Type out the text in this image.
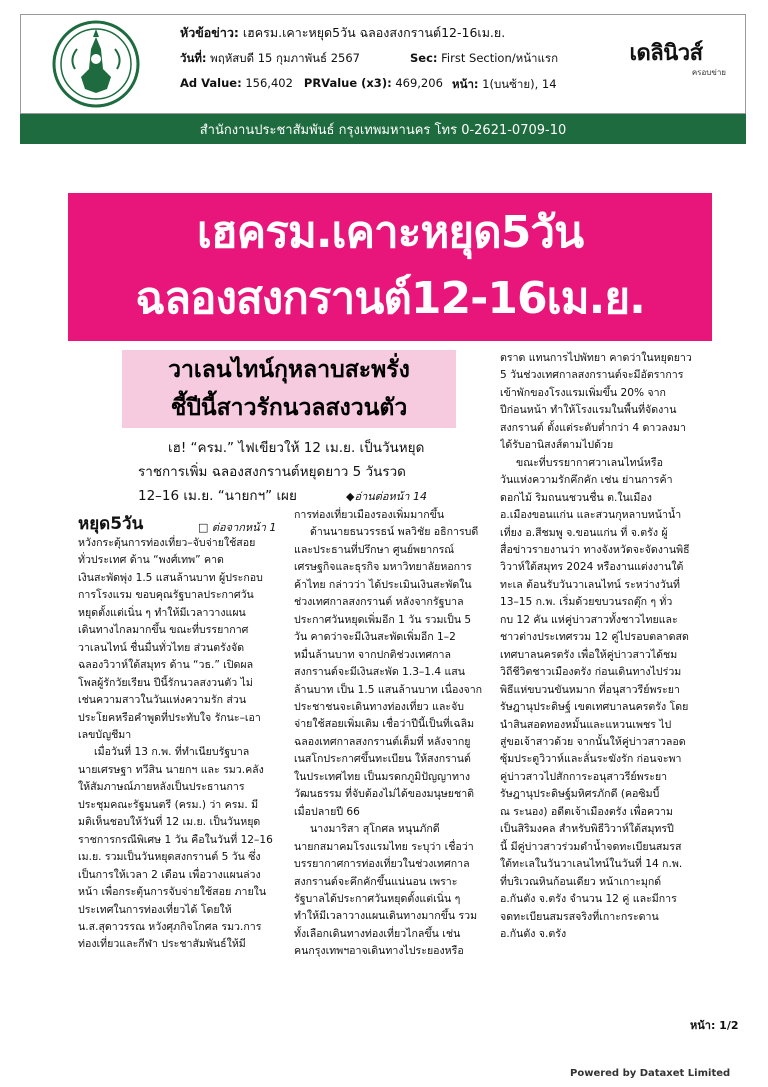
หัวข้อข่าว: เฮครม.เคาะหยุด5วัน ฉลองสงกรานต์12-16เม.ย.
วันที่: พฤหัสบดี 15 กุมภาพันธ์ 2567	Sec: First Section/หน้าแรก
Ad Value: 156,402 PRValue (x3): 469,206 หน้า: 1(บนซ้าย), 14
เดลินิวส์
ครอบข่าย
สำนักงานประชาสัมพันธ์ กรุงเทพมหานคร โทร 0-2621-0709-10
เฮครม.เคาะหยุด5วัน
ฉลองสงกรานต์12-16เม.ย.
วาเลนไทน์กุหลาบสะพรั่ง
ชี้ปีนี้สาวรักนวลสงวนตัว
เฮ! “ครม.” ไฟเขียวให้ 12 เม.ย. เป็นวันหยุด
ราชการเพิ่ม ฉลองสงกรานต์หยุดยาว 5 วันรวด
12–16 เม.ย. “นายกฯ” เผย	◆อ่านต่อหน้า 14
หยุด5วัน	□ ต่อจากหน้า 1
หวังกระตุ้นการท่องเที่ยว–จับจ่ายใช้สอย
ทั่วประเทศ ด้าน “พงศ์เทพ” คาด
เงินสะพัดพุ่ง 1.5 แสนล้านบาท ผู้ประกอบ
การโรงแรม ขอบคุณรัฐบาลประกาศวัน
หยุดตั้งแต่เนิ่น ๆ ทำให้มีเวลาวางแผน
เดินทางไกลมากขึ้น ขณะที่บรรยากาศ
วาเลนไทน์ ชื่นมื่นทั่วไทย ส่วนตรังจัด
ฉลองวิวาห์ใต้สมุทร ด้าน “วธ.” เปิดผล
โพลผู้รักวัยเรียน ปีนี้รักนวลสงวนตัว ไม่
เช่นความสาวในวันแห่งความรัก ส่วน
ประโยคหรือคำพูดที่ประทับใจ รักนะ–เอา
เลขบัญชีมา
เมื่อวันที่ 13 ก.พ. ที่ทำเนียบรัฐบาล
นายเศรษฐา ทวีสิน นายกฯ และ รมว.คลัง
ให้สัมภาษณ์ภายหลังเป็นประธานการ
ประชุมคณะรัฐมนตรี (ครม.) ว่า ครม. มี
มติเห็นชอบให้วันที่ 12 เม.ย. เป็นวันหยุด
ราชการกรณีพิเศษ 1 วัน คือในวันที่ 12–16
เม.ย. รวมเป็นวันหยุดสงกรานต์ 5 วัน ซึ่ง
เป็นการให้เวลา 2 เดือน เพื่อวางแผนล่วง
หน้า เพื่อกระตุ้นการจับจ่ายใช้สอย ภายใน
ประเทศในการท่องเที่ยวได้ โดยให้
น.ส.สุดาวรรณ หวังศุภกิจโกศล รมว.การ
ท่องเที่ยวและกีฬา ประชาสัมพันธ์ให้มี
การท่องเที่ยวเมืองรองเพิ่มมากขึ้น
ด้านนายธนวรรธน์ พลวิชัย อธิการบดี
และประธานที่ปรึกษา ศูนย์พยากรณ์
เศรษฐกิจและธุรกิจ มหาวิทยาลัยหอการ
ค้าไทย กล่าวว่า ได้ประเมินเงินสะพัดใน
ช่วงเทศกาลสงกรานต์ หลังจากรัฐบาล
ประกาศวันหยุดเพิ่มอีก 1 วัน รวมเป็น 5
วัน คาดว่าจะมีเงินสะพัดเพิ่มอีก 1–2
หมื่นล้านบาท จากปกติช่วงเทศกาล
สงกรานต์จะมีเงินสะพัด 1.3–1.4 แสน
ล้านบาท เป็น 1.5 แสนล้านบาท เนื่องจาก
ประชาชนจะเดินทางท่องเที่ยว และจับ
จ่ายใช้สอยเพิ่มเติม เชื่อว่าปีนี้เป็นที่เฉลิม
ฉลองเทศกาลสงกรานต์เต็มที่ หลังจากยู
เนสโกประกาศขึ้นทะเบียน ให้สงกรานต์
ในประเทศไทย เป็นมรดกภูมิปัญญาทาง
วัฒนธรรม ที่จับต้องไม่ได้ของมนุษยชาติ
เมื่อปลายปี 66
นางมาริสา สุโกศล หนุนภักดี
นายกสมาคมโรงแรมไทย ระบุว่า เชื่อว่า
บรรยากาศการท่องเที่ยวในช่วงเทศกาล
สงกรานต์จะคึกคักขึ้นแน่นอน เพราะ
รัฐบาลได้ประกาศวันหยุดตั้งแต่เนิ่น ๆ
ทำให้มีเวลาวางแผนเดินทางมากขึ้น รวม
ทั้งเลือกเดินทางท่องเที่ยวไกลขึ้น เช่น
คนกรุงเทพฯอาจเดินทางไประยองหรือ
ตราด แทนการไปพัทยา คาดว่าในหยุดยาว
5 วันช่วงเทศกาลสงกรานต์จะมีอัตราการ
เข้าพักของโรงแรมเพิ่มขึ้น 20% จาก
ปีก่อนหน้า ทำให้โรงแรมในพื้นที่จัดงาน
สงกรานต์ ตั้งแต่ระดับต่ำกว่า 4 ดาวลงมา
ได้รับอานิสงส์ตามไปด้วย
ขณะที่บรรยากาศวาเลนไทน์หรือ
วันแห่งความรักคึกคัก เช่น ย่านการค้า
ดอกไม้ ริมถนนชวนชื่น ต.ในเมือง
อ.เมืองขอนแก่น และสวนกุหลาบหน้าน้ำ
เที่ยง อ.สีชมพู จ.ขอนแก่น ที่ จ.ตรัง ผู้
สื่อข่าวรายงานว่า ทางจังหวัดจะจัดงานพิธี
วิวาห์ใต้สมุทร 2024 หรืองานแต่งงานใต้
ทะเล ต้อนรับวันวาเลนไทน์ ระหว่างวันที่
13–15 ก.พ. เริ่มด้วยขบวนรถตุ๊ก ๆ ทั่ว
กบ 12 คัน แห่คู่บ่าวสาวทั้งชาวไทยและ
ชาวต่างประเทศรวม 12 คู่ไปรอบตลาดสด
เทศบาลนครตรัง เพื่อให้คู่บ่าวสาวได้ชม
วิถีชีวิตชาวเมืองตรัง ก่อนเดินทางไปร่วม
พิธีแห่ขบวนขันหมาก ที่อนุสาวรีย์พระยา
รัษฎานุประดิษฐ์ เขตเทศบาลนครตรัง โดย
นำสินสอดทองหมั้นและแหวนเพชร ไป
สู่ขอเจ้าสาวด้วย จากนั้นให้คู่บ่าวสาวลอด
ซุ้มประตูวิวาห์และลั่นระฆังรัก ก่อนจะพา
คู่บ่าวสาวไปสักการะอนุสาวรีย์พระยา
รัษฎานุประดิษฐ์มหิศรภักดี (คอซิมบี้
ณ ระนอง) อดีตเจ้าเมืองตรัง เพื่อความ
เป็นสิริมงคล สำหรับพิธีวิวาห์ใต้สมุทรปี
นี้ มีคู่บ่าวสาวร่วมดำน้ำจดทะเบียนสมรส
ใต้ทะเลในวันวาเลนไทน์ในวันที่ 14 ก.พ.
ที่บริเวณหินก้อนเดียว หน้าเกาะมุกด์
อ.กันตัง จ.ตรัง จำนวน 12 คู่ และมีการ
จดทะเบียนสมรสจริงที่เกาะกระดาน
อ.กันตัง จ.ตรัง
หน้า: 1/2
Powered by Dataxet Limited
